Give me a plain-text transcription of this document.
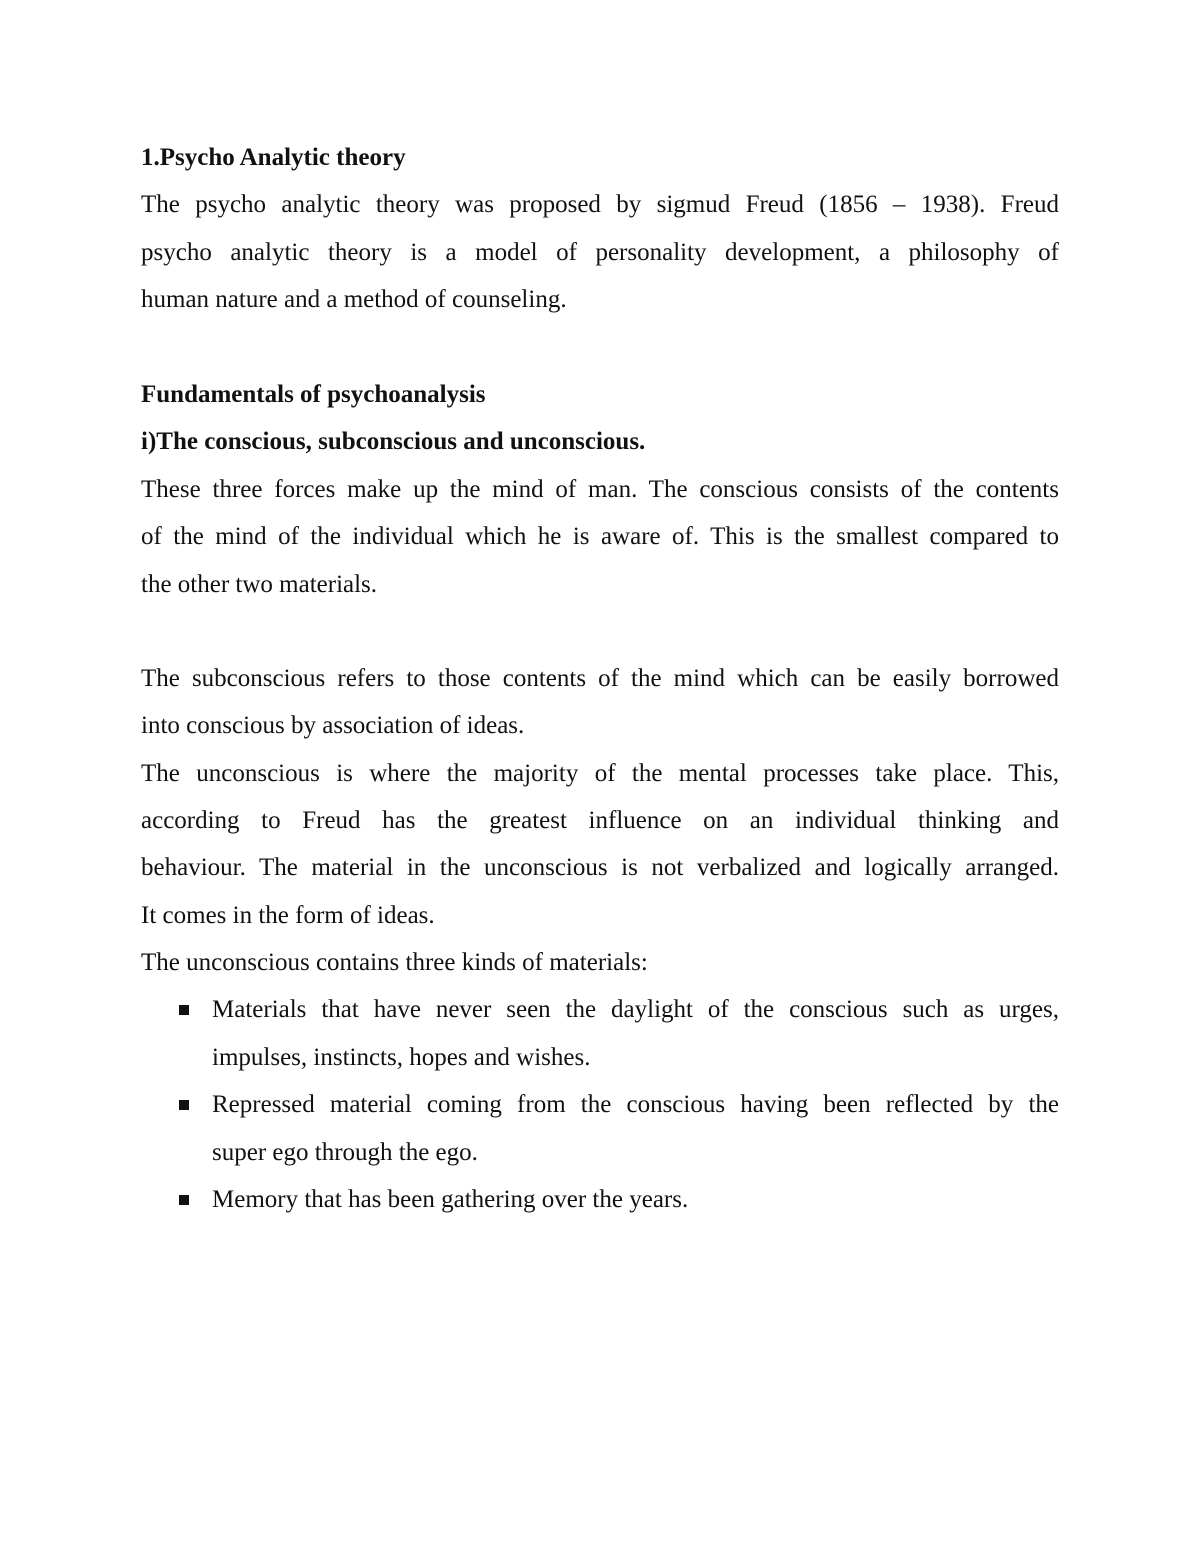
1.Psycho Analytic theory
The psycho analytic theory was proposed by sigmud Freud (1856 – 1938). Freud
psycho analytic theory is a model of personality development, a philosophy of
human nature and a method of counseling.
Fundamentals of psychoanalysis
i)The conscious, subconscious and unconscious.
These three forces make up the mind of man. The conscious consists of the contents
of the mind of the individual which he is aware of. This is the smallest compared to
the other two materials.
The subconscious refers to those contents of the mind which can be easily borrowed
into conscious by association of ideas.
The unconscious is where the majority of the mental processes take place. This,
according to Freud has the greatest influence on an individual thinking and
behaviour. The material in the unconscious is not verbalized and logically arranged.
It comes in the form of ideas.
The unconscious contains three kinds of materials:
Materials that have never seen the daylight of the conscious such as urges,
impulses, instincts, hopes and wishes.
Repressed material coming from the conscious having been reflected by the
super ego through the ego.
Memory that has been gathering over the years.
